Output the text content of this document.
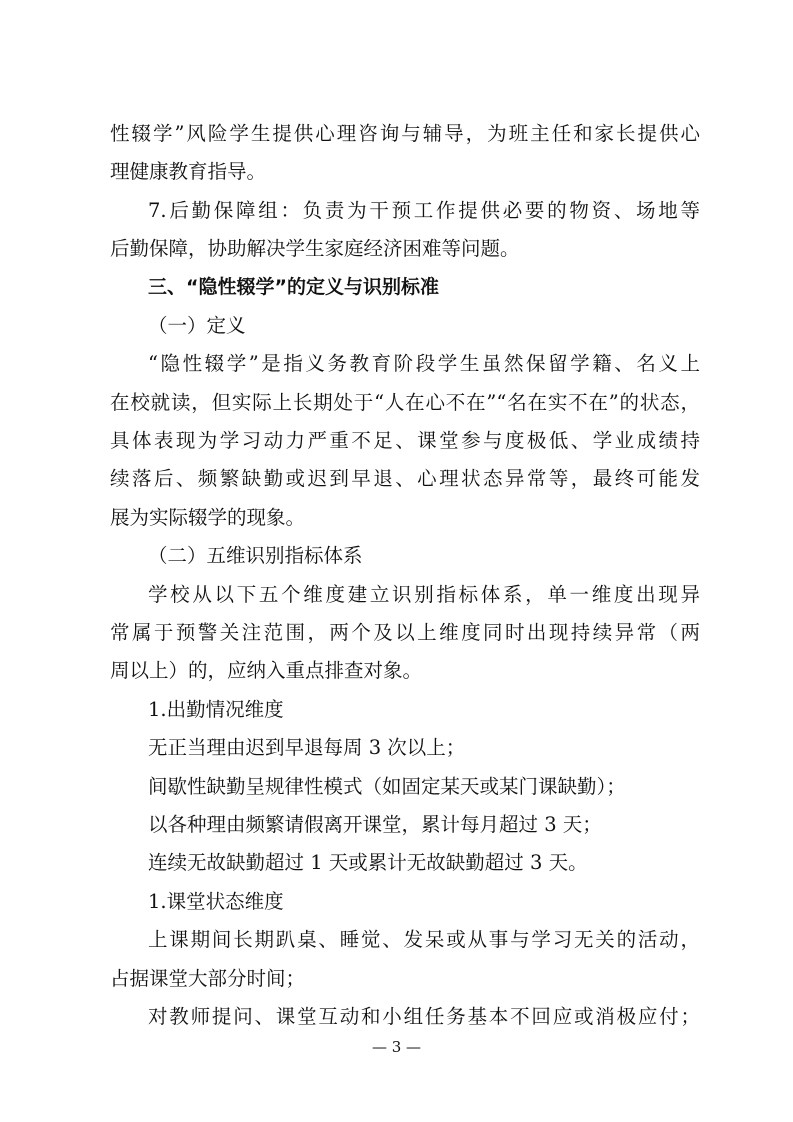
性辍学”风险学生提供心理咨询与辅导，为班主任和家长提供心
理健康教育指导。
7.后勤保障组：负责为干预工作提供必要的物资、场地等
后勤保障，协助解决学生家庭经济困难等问题。
三、“隐性辍学”的定义与识别标准
（一）定义
“隐性辍学”是指义务教育阶段学生虽然保留学籍、名义上
在校就读，但实际上长期处于“人在心不在”“名在实不在”的状态，
具体表现为学习动力严重不足、课堂参与度极低、学业成绩持
续落后、频繁缺勤或迟到早退、心理状态异常等，最终可能发
展为实际辍学的现象。
（二）五维识别指标体系
学校从以下五个维度建立识别指标体系，单一维度出现异
常属于预警关注范围，两个及以上维度同时出现持续异常（两
周以上）的，应纳入重点排查对象。
1.出勤情况维度
无正当理由迟到早退每周 3 次以上；
间歇性缺勤呈规律性模式（如固定某天或某门课缺勤）；
以各种理由频繁请假离开课堂，累计每月超过 3 天；
连续无故缺勤超过 1 天或累计无故缺勤超过 3 天。
1.课堂状态维度
上课期间长期趴桌、睡觉、发呆或从事与学习无关的活动，
占据课堂大部分时间；
对教师提问、课堂互动和小组任务基本不回应或消极应付；
— 3 —
